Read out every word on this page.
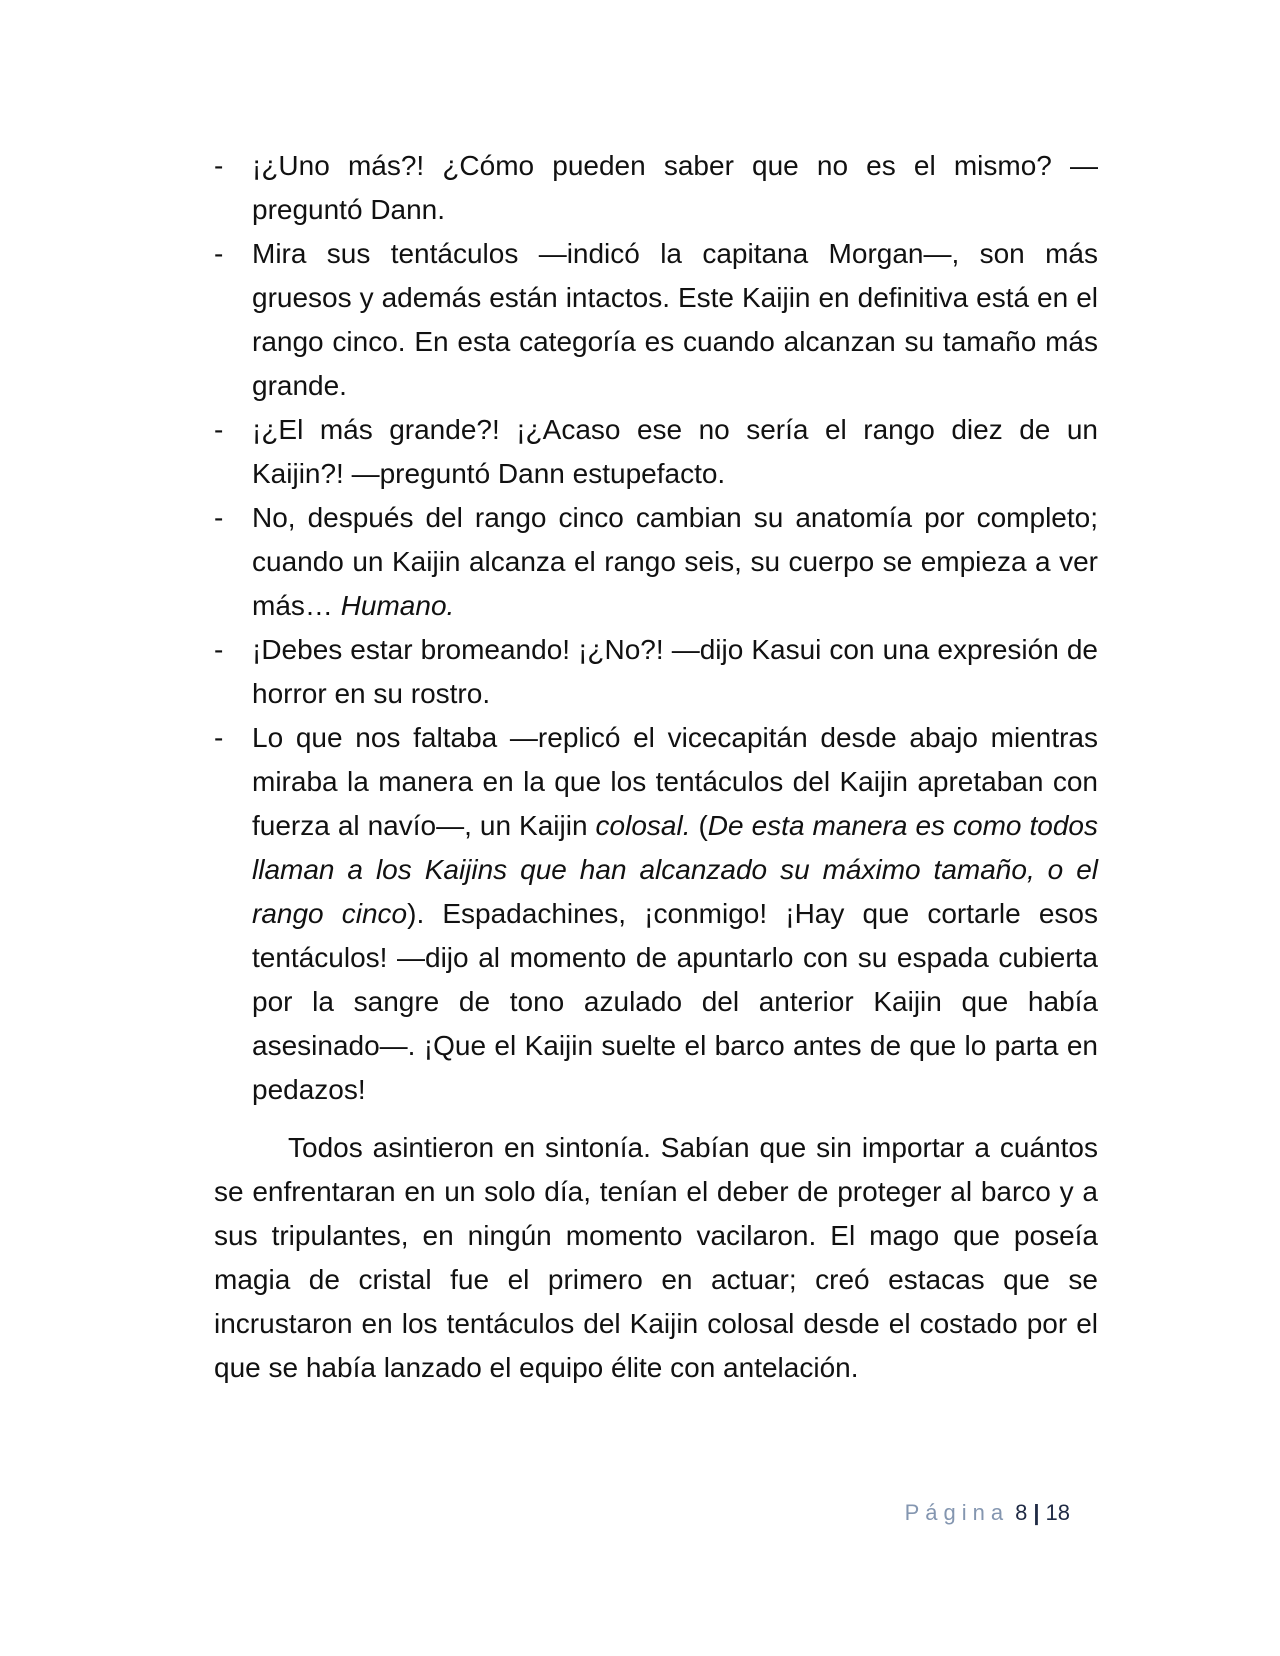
-	¡¿Uno más?! ¿Cómo pueden saber que no es el mismo? —preguntó Dann.
-	Mira sus tentáculos —indicó la capitana Morgan—, son más gruesos y además están intactos. Este Kaijin en definitiva está en el rango cinco. En esta categoría es cuando alcanzan su tamaño más grande.
-	¡¿El más grande?! ¡¿Acaso ese no sería el rango diez de un Kaijin?! —preguntó Dann estupefacto.
-	No, después del rango cinco cambian su anatomía por completo; cuando un Kaijin alcanza el rango seis, su cuerpo se empieza a ver más… Humano.
-	¡Debes estar bromeando! ¡¿No?! —dijo Kasui con una expresión de horror en su rostro.
-	Lo que nos faltaba —replicó el vicecapitán desde abajo mientras miraba la manera en la que los tentáculos del Kaijin apretaban con fuerza al navío—, un Kaijin colosal. (De esta manera es como todos llaman a los Kaijins que han alcanzado su máximo tamaño, o el rango cinco). Espadachines, ¡conmigo! ¡Hay que cortarle esos tentáculos! —dijo al momento de apuntarlo con su espada cubierta por la sangre de tono azulado del anterior Kaijin que había asesinado—. ¡Que el Kaijin suelte el barco antes de que lo parta en pedazos!

Todos asintieron en sintonía. Sabían que sin importar a cuántos se enfrentaran en un solo día, tenían el deber de proteger al barco y a sus tripulantes, en ningún momento vacilaron. El mago que poseía magia de cristal fue el primero en actuar; creó estacas que se incrustaron en los tentáculos del Kaijin colosal desde el costado por el que se había lanzado el equipo élite con antelación.

Página 8 | 18
